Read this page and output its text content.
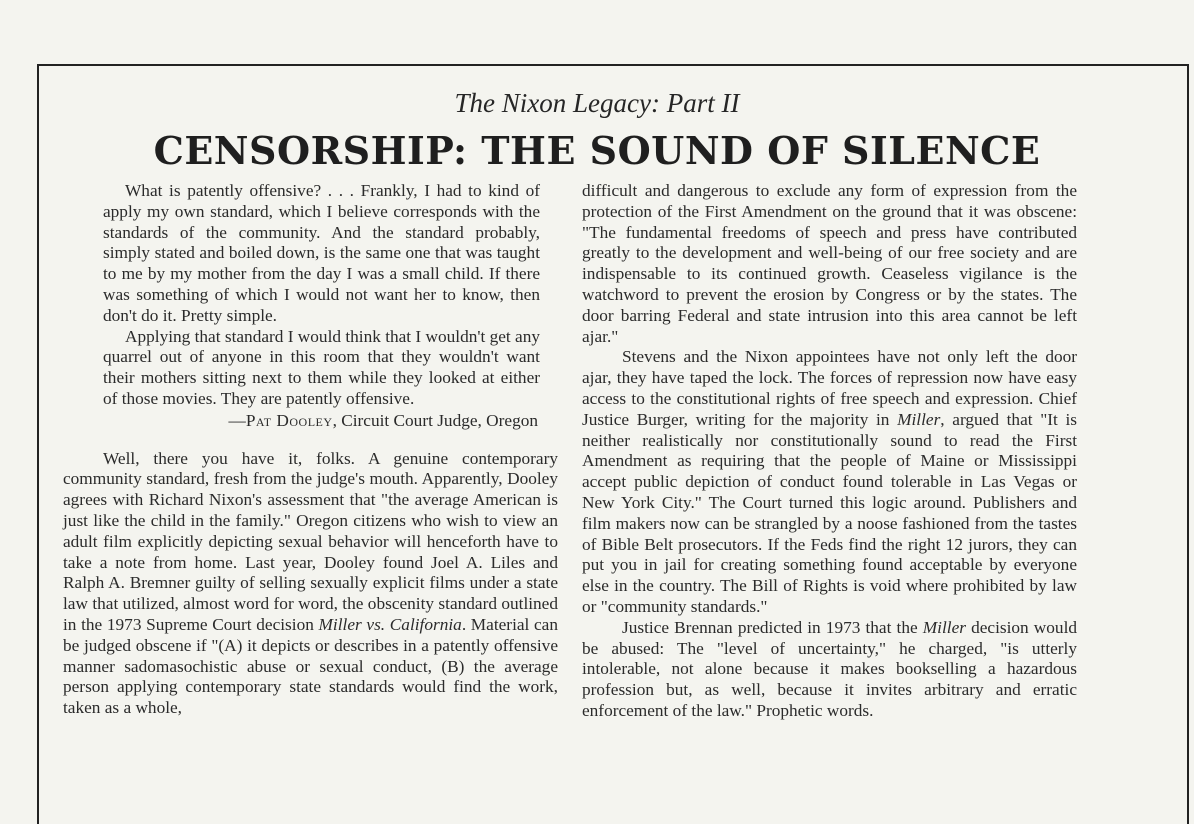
The Nixon Legacy: Part II
CENSORSHIP: THE SOUND OF SILENCE

What is patently offensive? . . . Frankly, I had to kind of apply my own standard, which I believe corresponds with the standards of the community. And the standard probably, simply stated and boiled down, is the same one that was taught to me by my mother from the day I was a small child. If there was something of which I would not want her to know, then don't do it. Pretty simple.

Applying that standard I would think that I wouldn't get any quarrel out of anyone in this room that they wouldn't want their mothers sitting next to them while they looked at either of those movies. They are patently offensive.

—Pat Dooley, Circuit Court Judge, Oregon

Well, there you have it, folks. A genuine contemporary community standard, fresh from the judge's mouth. Apparently, Dooley agrees with Richard Nixon's assessment that "the average American is just like the child in the family." Oregon citizens who wish to view an adult film explicitly depicting sexual behavior will henceforth have to take a note from home. Last year, Dooley found Joel A. Liles and Ralph A. Bremner guilty of selling sexually explicit films under a state law that utilized, almost word for word, the obscenity standard outlined in the 1973 Supreme Court decision Miller vs. California. Material can be judged obscene if "(A) it depicts or describes in a patently offensive manner sadomasochistic abuse or sexual conduct, (B) the average person applying contemporary state standards would find the work, taken as a whole,

difficult and dangerous to exclude any form of expression from the protection of the First Amendment on the ground that it was obscene: "The fundamental freedoms of speech and press have contributed greatly to the development and well-being of our free society and are indispensable to its continued growth. Ceaseless vigilance is the watchword to prevent the erosion by Congress or by the states. The door barring Federal and state intrusion into this area cannot be left ajar."

Stevens and the Nixon appointees have not only left the door ajar, they have taped the lock. The forces of repression now have easy access to the constitutional rights of free speech and expression. Chief Justice Burger, writing for the majority in Miller, argued that "It is neither realistically nor constitutionally sound to read the First Amendment as requiring that the people of Maine or Mississippi accept public depiction of conduct found tolerable in Las Vegas or New York City." The Court turned this logic around. Publishers and film makers now can be strangled by a noose fashioned from the tastes of Bible Belt prosecutors. If the Feds find the right 12 jurors, they can put you in jail for creating something found acceptable by everyone else in the country. The Bill of Rights is void where prohibited by law or "community standards."

Justice Brennan predicted in 1973 that the Miller decision would be abused: The "level of uncertainty," he charged, "is utterly intolerable, not alone because it makes bookselling a hazardous profession but, as well, because it invites arbitrary and erratic enforcement of the law." Prophetic words.
